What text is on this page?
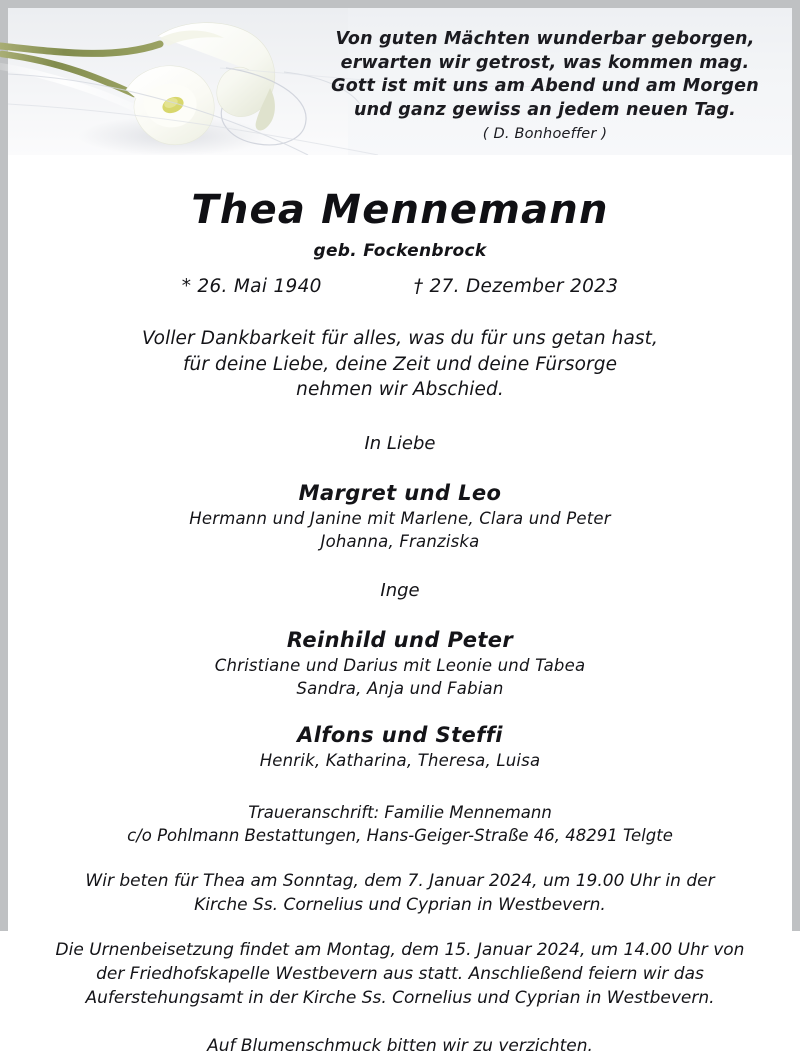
Von guten Mächten wunderbar geborgen,
erwarten wir getrost, was kommen mag.
Gott ist mit uns am Abend und am Morgen
und ganz gewiss an jedem neuen Tag.
( D. Bonhoeffer )
Thea Mennemann
geb. Fockenbrock
* 26. Mai 1940	† 27. Dezember 2023
Voller Dankbarkeit für alles, was du für uns getan hast,
für deine Liebe, deine Zeit und deine Fürsorge
nehmen wir Abschied.
In Liebe
Margret und Leo
Hermann und Janine mit Marlene, Clara und Peter
Johanna, Franziska
Inge
Reinhild und Peter
Christiane und Darius mit Leonie und Tabea
Sandra, Anja und Fabian
Alfons und Steffi
Henrik, Katharina, Theresa, Luisa
Traueranschrift: Familie Mennemann
c/o Pohlmann Bestattungen, Hans-Geiger-Straße 46, 48291 Telgte
Wir beten für Thea am Sonntag, dem 7. Januar 2024, um 19.00 Uhr in der
Kirche Ss. Cornelius und Cyprian in Westbevern.
Die Urnenbeisetzung findet am Montag, dem 15. Januar 2024, um 14.00 Uhr von
der Friedhofskapelle Westbevern aus statt. Anschließend feiern wir das
Auferstehungsamt in der Kirche Ss. Cornelius und Cyprian in Westbevern.
Auf Blumenschmuck bitten wir zu verzichten.
